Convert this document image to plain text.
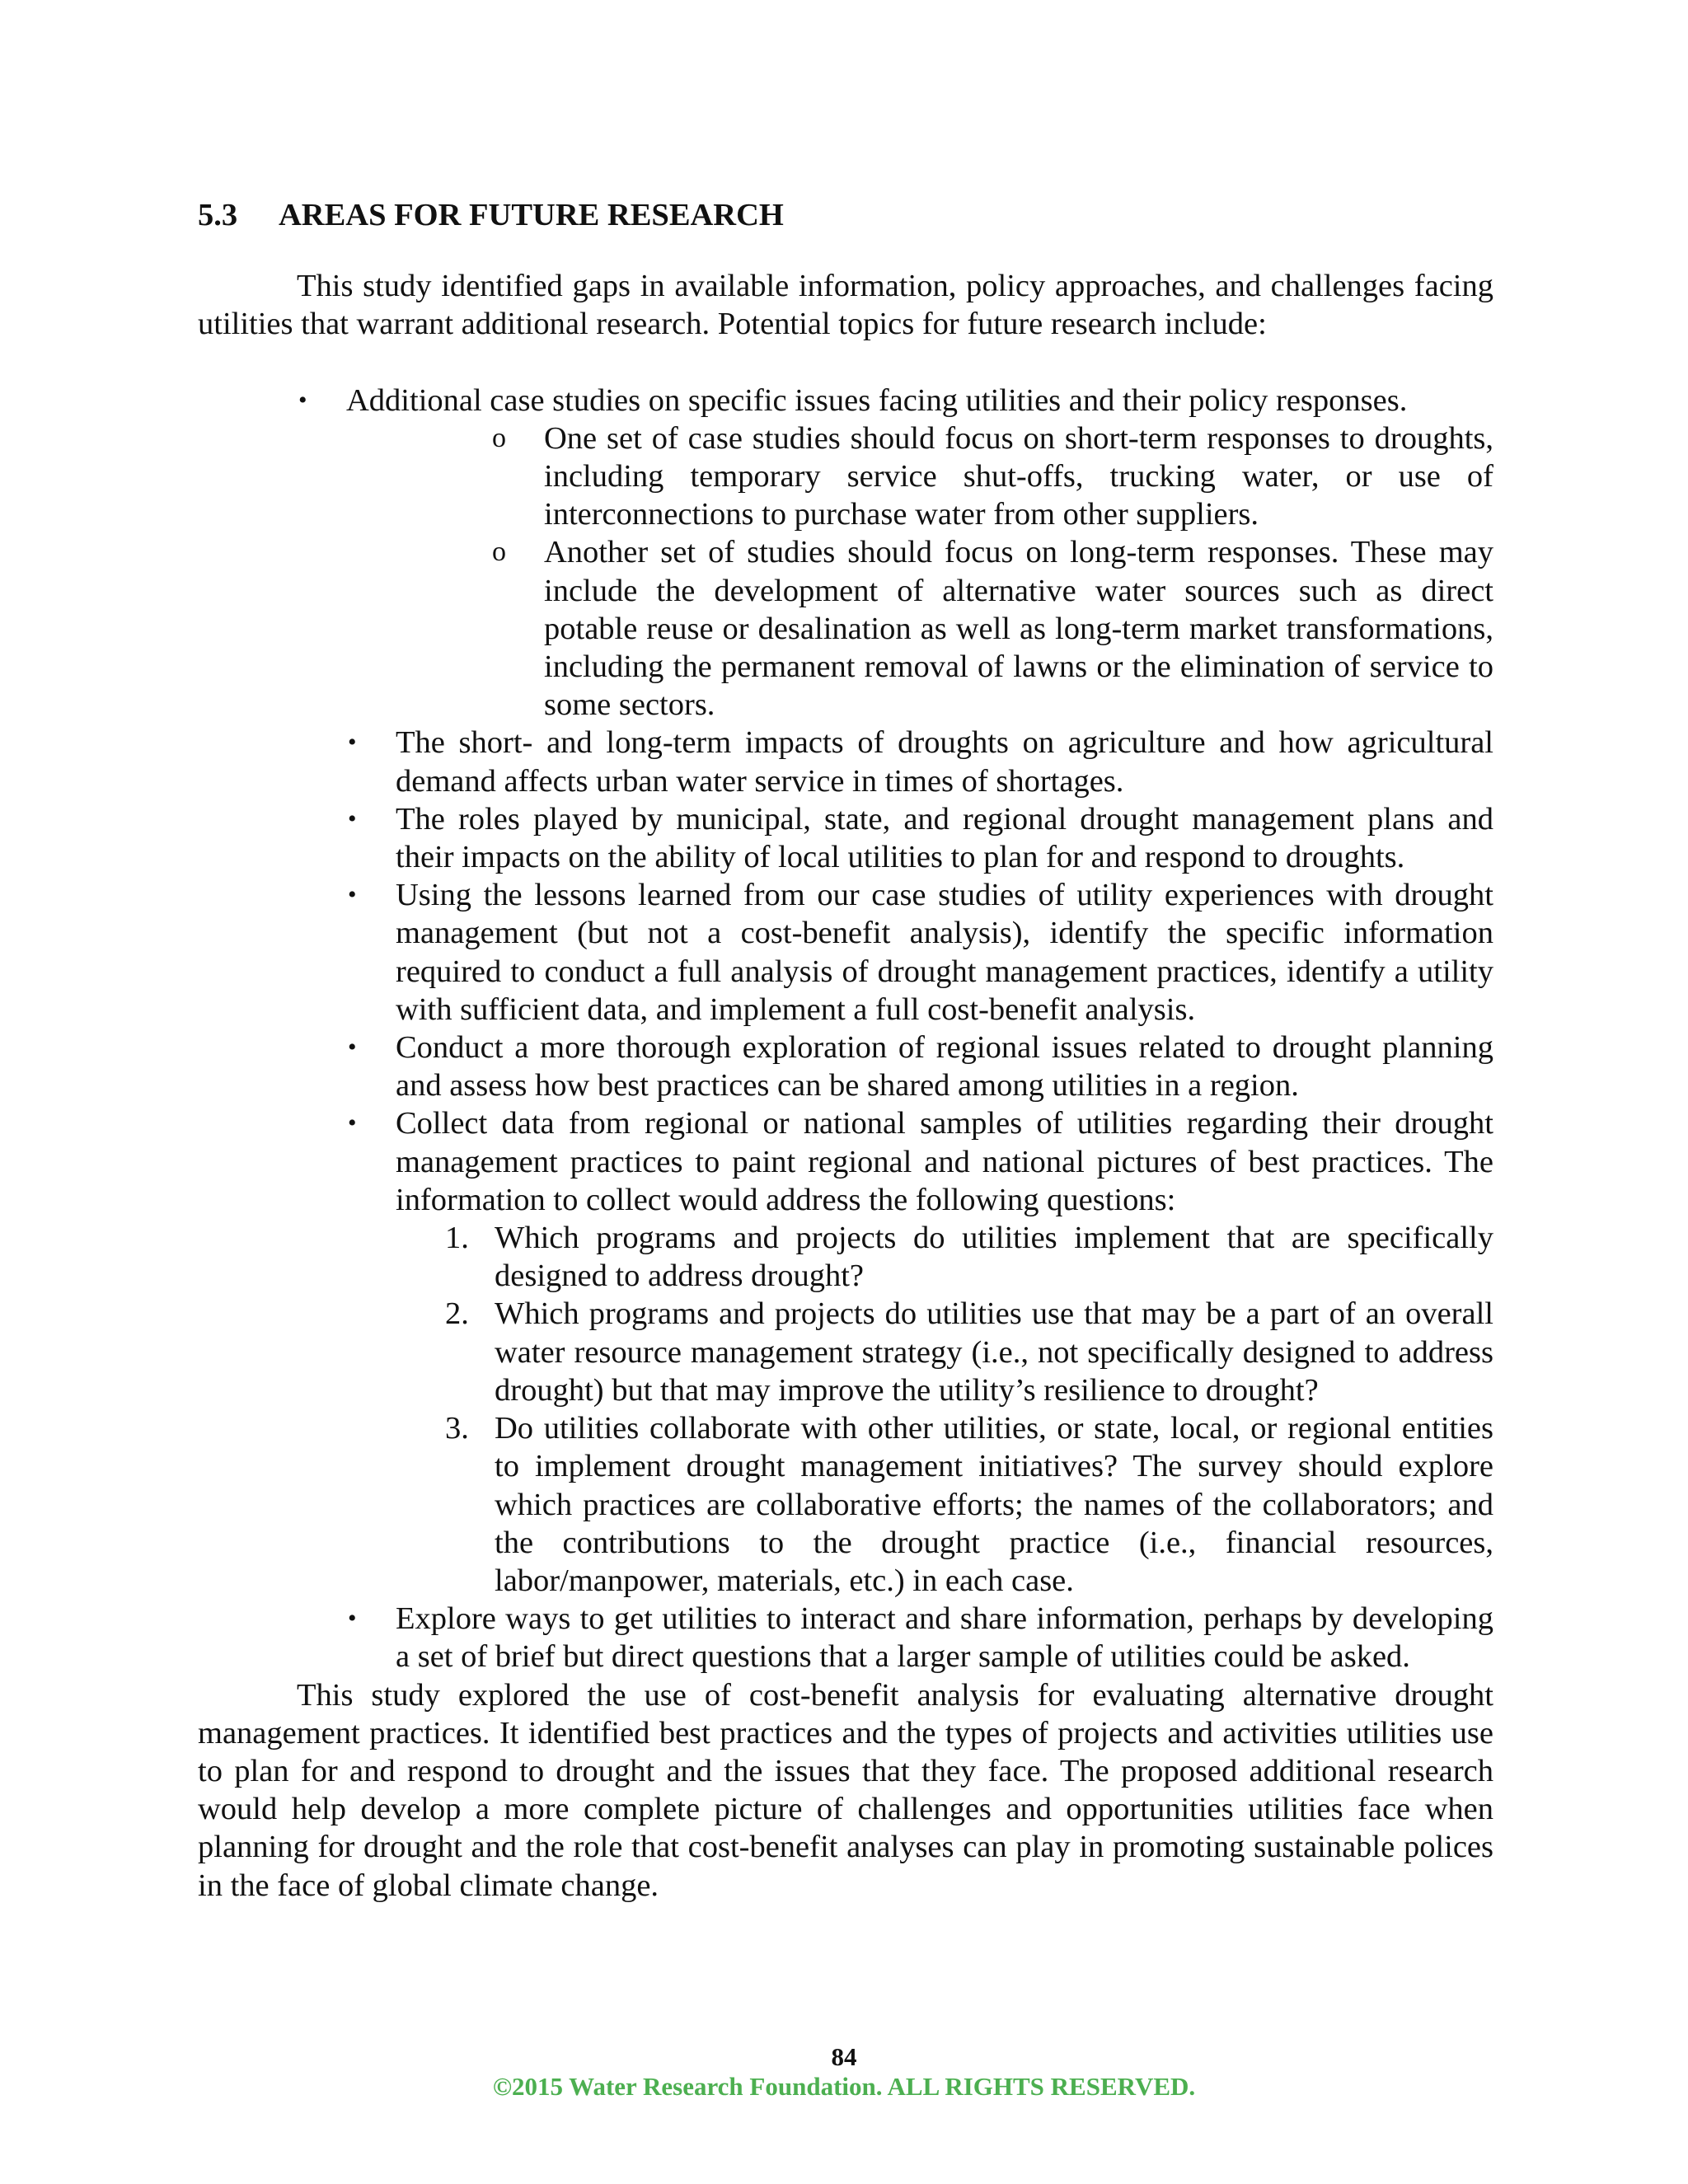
5.3	AREAS FOR FUTURE RESEARCH

This study identified gaps in available information, policy approaches, and challenges facing utilities that warrant additional research. Potential topics for future research include:

• Additional case studies on specific issues facing utilities and their policy responses.
o	One set of case studies should focus on short-term responses to droughts, including temporary service shut-offs, trucking water, or use of interconnections to purchase water from other suppliers.
o	Another set of studies should focus on long-term responses. These may include the development of alternative water sources such as direct potable reuse or desalination as well as long-term market transformations, including the permanent removal of lawns or the elimination of service to some sectors.
• The short- and long-term impacts of droughts on agriculture and how agricultural demand affects urban water service in times of shortages.
• The roles played by municipal, state, and regional drought management plans and their impacts on the ability of local utilities to plan for and respond to droughts.
• Using the lessons learned from our case studies of utility experiences with drought management (but not a cost-benefit analysis), identify the specific information required to conduct a full analysis of drought management practices, identify a utility with sufficient data, and implement a full cost-benefit analysis.
• Conduct a more thorough exploration of regional issues related to drought planning and assess how best practices can be shared among utilities in a region.
• Collect data from regional or national samples of utilities regarding their drought management practices to paint regional and national pictures of best practices. The information to collect would address the following questions:
1. Which programs and projects do utilities implement that are specifically designed to address drought?
2. Which programs and projects do utilities use that may be a part of an overall water resource management strategy (i.e., not specifically designed to address drought) but that may improve the utility’s resilience to drought?
3. Do utilities collaborate with other utilities, or state, local, or regional entities to implement drought management initiatives? The survey should explore which practices are collaborative efforts; the names of the collaborators; and the contributions to the drought practice (i.e., financial resources, labor/manpower, materials, etc.) in each case.
• Explore ways to get utilities to interact and share information, perhaps by developing a set of brief but direct questions that a larger sample of utilities could be asked.

This study explored the use of cost-benefit analysis for evaluating alternative drought management practices. It identified best practices and the types of projects and activities utilities use to plan for and respond to drought and the issues that they face. The proposed additional research would help develop a more complete picture of challenges and opportunities utilities face when planning for drought and the role that cost-benefit analyses can play in promoting sustainable polices in the face of global climate change.

84
©2015 Water Research Foundation. ALL RIGHTS RESERVED.
